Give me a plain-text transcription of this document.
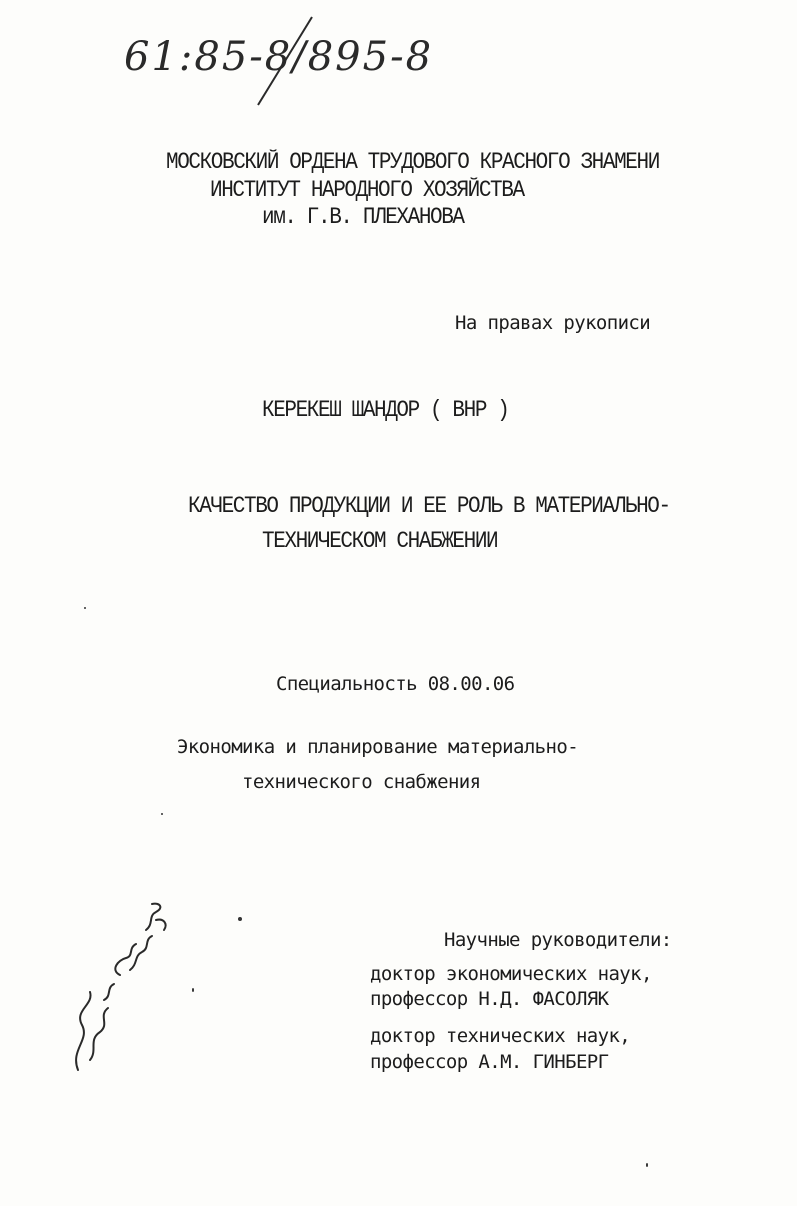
61:85-8/895-8

МОСКОВСКИЙ ОРДЕНА ТРУДОВОГО КРАСНОГО ЗНАМЕНИ

ИНСТИТУТ НАРОДНОГО ХОЗЯЙСТВА

им. Г.В. ПЛЕХАНОВА

На правах рукописи

КЕРЕКЕШ ШАНДОР ( ВНР )

КАЧЕСТВО ПРОДУКЦИИ И ЕЕ РОЛЬ В МАТЕРИАЛЬНО-

ТЕХНИЧЕСКОМ СНАБЖЕНИИ

Специальность 08.00.06

Экономика и планирование материально-

технического снабжения

Научные руководители:

доктор экономических наук,

профессор Н.Д. ФАСОЛЯК

доктор технических наук,

профессор А.М. ГИНБЕРГ
